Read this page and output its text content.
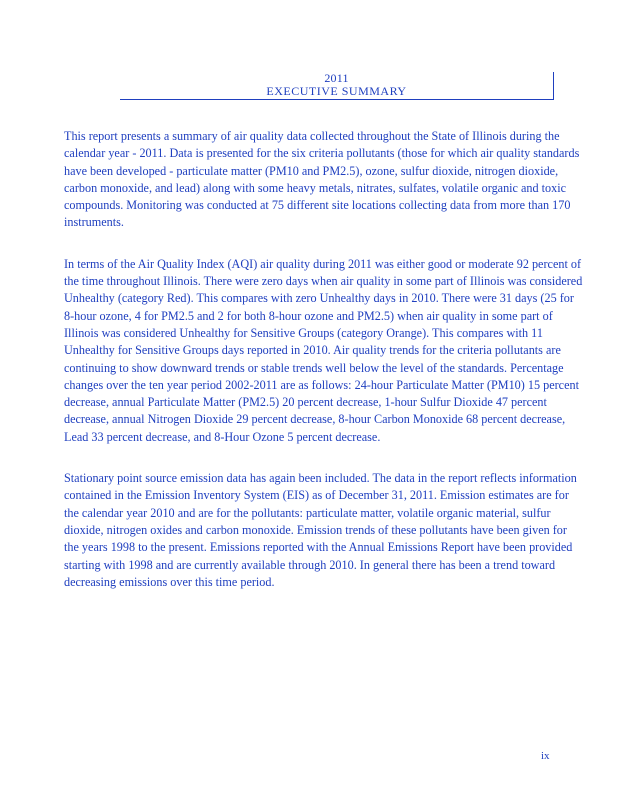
2011
EXECUTIVE SUMMARY

This report presents a summary of air quality data collected throughout the State of Illinois during the calendar year - 2011. Data is presented for the six criteria pollutants (those for which air quality standards have been developed - particulate matter (PM10 and PM2.5), ozone, sulfur dioxide, nitrogen dioxide, carbon monoxide, and lead) along with some heavy metals, nitrates, sulfates, volatile organic and toxic compounds. Monitoring was conducted at 75 different site locations collecting data from more than 170 instruments.

In terms of the Air Quality Index (AQI) air quality during 2011 was either good or moderate 92 percent of the time throughout Illinois. There were zero days when air quality in some part of Illinois was considered Unhealthy (category Red). This compares with zero Unhealthy days in 2010. There were 31 days (25 for 8-hour ozone, 4 for PM2.5 and 2 for both 8-hour ozone and PM2.5) when air quality in some part of Illinois was considered Unhealthy for Sensitive Groups (category Orange). This compares with 11 Unhealthy for Sensitive Groups days reported in 2010. Air quality trends for the criteria pollutants are continuing to show downward trends or stable trends well below the level of the standards. Percentage changes over the ten year period 2002-2011 are as follows: 24-hour Particulate Matter (PM10) 15 percent decrease, annual Particulate Matter (PM2.5) 20 percent decrease, 1-hour Sulfur Dioxide 47 percent decrease, annual Nitrogen Dioxide 29 percent decrease, 8-hour Carbon Monoxide 68 percent decrease, Lead 33 percent decrease, and 8-Hour Ozone 5 percent decrease.

Stationary point source emission data has again been included. The data in the report reflects information contained in the Emission Inventory System (EIS) as of December 31, 2011. Emission estimates are for the calendar year 2010 and are for the pollutants: particulate matter, volatile organic material, sulfur dioxide, nitrogen oxides and carbon monoxide. Emission trends of these pollutants have been given for the years 1998 to the present. Emissions reported with the Annual Emissions Report have been provided starting with 1998 and are currently available through 2010. In general there has been a trend toward decreasing emissions over this time period.

ix
